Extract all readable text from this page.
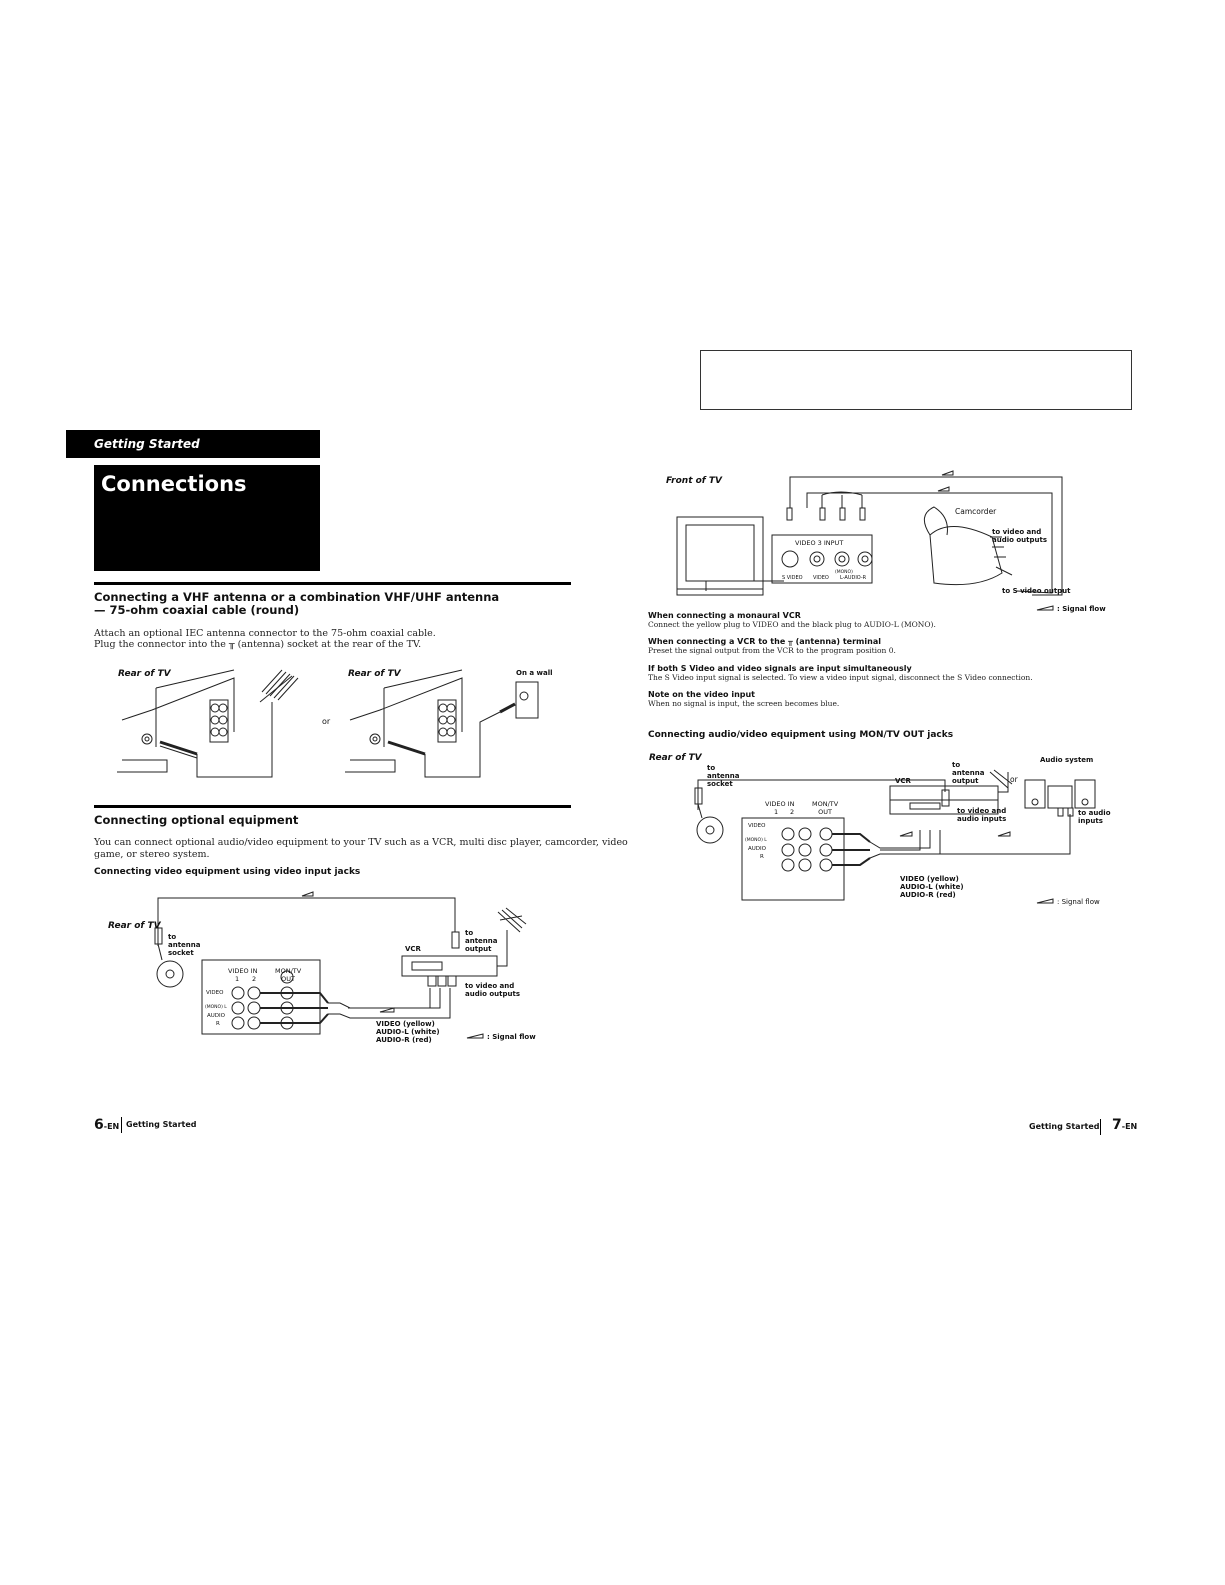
Getting Started
Connections
Connecting a VHF antenna or a combination VHF/UHF antenna
— 75-ohm coaxial cable (round)
Attach an optional IEC antenna connector to the 75-ohm coaxial cable.
Plug the connector into the ╥ (antenna) socket at the rear of the TV.
Rear of TV
or
Rear of TV	On a wall
Connecting optional equipment
You can connect optional audio/video equipment to your TV such as a VCR, multi disc player, camcorder, video
game, or stereo system.
Connecting video equipment using video input jacks
Rear of TV
to
antenna
socket	VCR
to
antenna
output
VIDEO IN
1 2
MON/TV
OUT
VIDEO
(MONO) L
AUDIO
R
to video and
audio outputs
VIDEO (yellow)
AUDIO-L (white)
AUDIO-R (red)	: Signal flow
6-EN Getting Started
Front of TV
Camcorder
to video and
audio outputs
to S video output
VIDEO 3 INPUT
(MONO)
S VIDEO VIDEO L-AUDIO-R
: Signal flow
When connecting a monaural VCR
Connect the yellow plug to VIDEO and the black plug to AUDIO-L (MONO).
When connecting a VCR to the ╥ (antenna) terminal
Preset the signal output from the VCR to the program position 0.
If both S Video and video signals are input simultaneously
The S Video input signal is selected. To view a video input signal, disconnect the S Video connection.
Note on the video input
When no signal is input, the screen becomes blue.
Connecting audio/video equipment using MON/TV OUT jacks
Rear of TV
to
antenna
socket	VCR
to
antenna
output	or
Audio system
VIDEO IN
1 2
MON/TV
OUT
VIDEO
(MONO) L
AUDIO
R
to video and
audio inputs
to audio
inputs
VIDEO (yellow)
AUDIO-L (white)
AUDIO-R (red)
: Signal flow
Getting Started 7-EN
